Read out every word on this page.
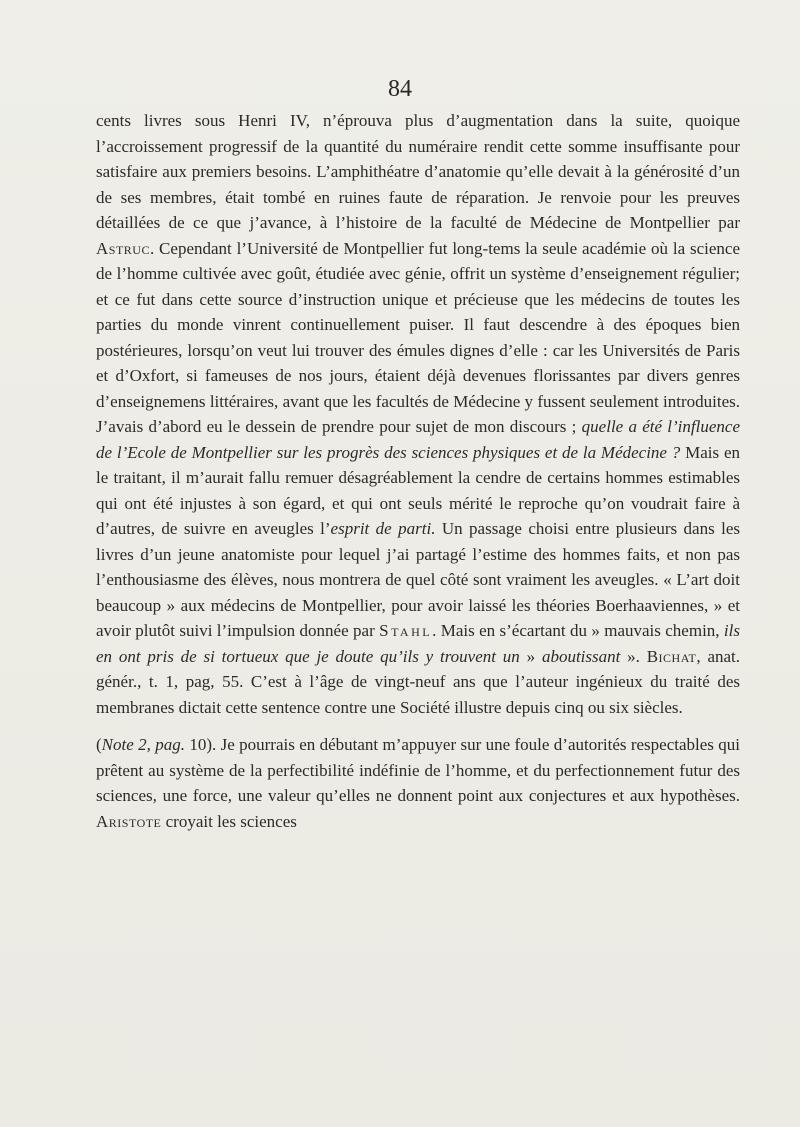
84

cents livres sous Henri IV, n’éprouva plus d’augmentation dans la suite, quoique l’accroissement progressif de la quantité du numéraire rendit cette somme insuffisante pour satisfaire aux premiers besoins. L’amphithéatre d’anatomie qu’elle devait à la générosité d’un de ses membres, était tombé en ruines faute de réparation. Je renvoie pour les preuves détaillées de ce que j’avance, à l’histoire de la faculté de Médecine de Montpellier par Astruc. Cependant l’Université de Montpellier fut long-tems la seule académie où la science de l’homme cultivée avec goût, étudiée avec génie, offrit un système d’enseignement régulier; et ce fut dans cette source d’instruction unique et précieuse que les médecins de toutes les parties du monde vinrent continuellement puiser. Il faut descendre à des époques bien postérieures, lorsqu’on veut lui trouver des émules dignes d’elle : car les Universités de Paris et d’Oxfort, si fameuses de nos jours, étaient déjà devenues florissantes par divers genres d’enseignemens littéraires, avant que les facultés de Médecine y fussent seulement introduites. J’avais d’abord eu le dessein de prendre pour sujet de mon discours ; quelle a été l’influence de l’Ecole de Montpellier sur les progrès des sciences physiques et de la Médecine ? Mais en le traitant, il m’aurait fallu remuer désagréablement la cendre de certains hommes estimables qui ont été injustes à son égard, et qui ont seuls mérité le reproche qu’on voudrait faire à d’autres, de suivre en aveugles l’esprit de parti. Un passage choisi entre plusieurs dans les livres d’un jeune anatomiste pour lequel j’ai partagé l’estime des hommes faits, et non pas l’enthousiasme des élèves, nous montrera de quel côté sont vraiment les aveugles. « L’art doit beaucoup » aux médecins de Montpellier, pour avoir laissé les théories Boerhaaviennes, » et avoir plutôt suivi l’impulsion donnée par Stahl. Mais en s’écartant du » mauvais chemin, ils en ont pris de si tortueux que je doute qu’ils y trouvent un » aboutissant ». Bichat, anat. génér., t. 1, pag, 55. C’est à l’âge de vingt-neuf ans que l’auteur ingénieux du traité des membranes dictait cette sentence contre une Société illustre depuis cinq ou six siècles.

(Note 2, pag. 10). Je pourrais en débutant m’appuyer sur une foule d’autorités respectables qui prêtent au système de la perfectibilité indéfinie de l’homme, et du perfectionnement futur des sciences, une force, une valeur qu’elles ne donnent point aux conjectures et aux hypothèses. Aristote croyait les sciences
